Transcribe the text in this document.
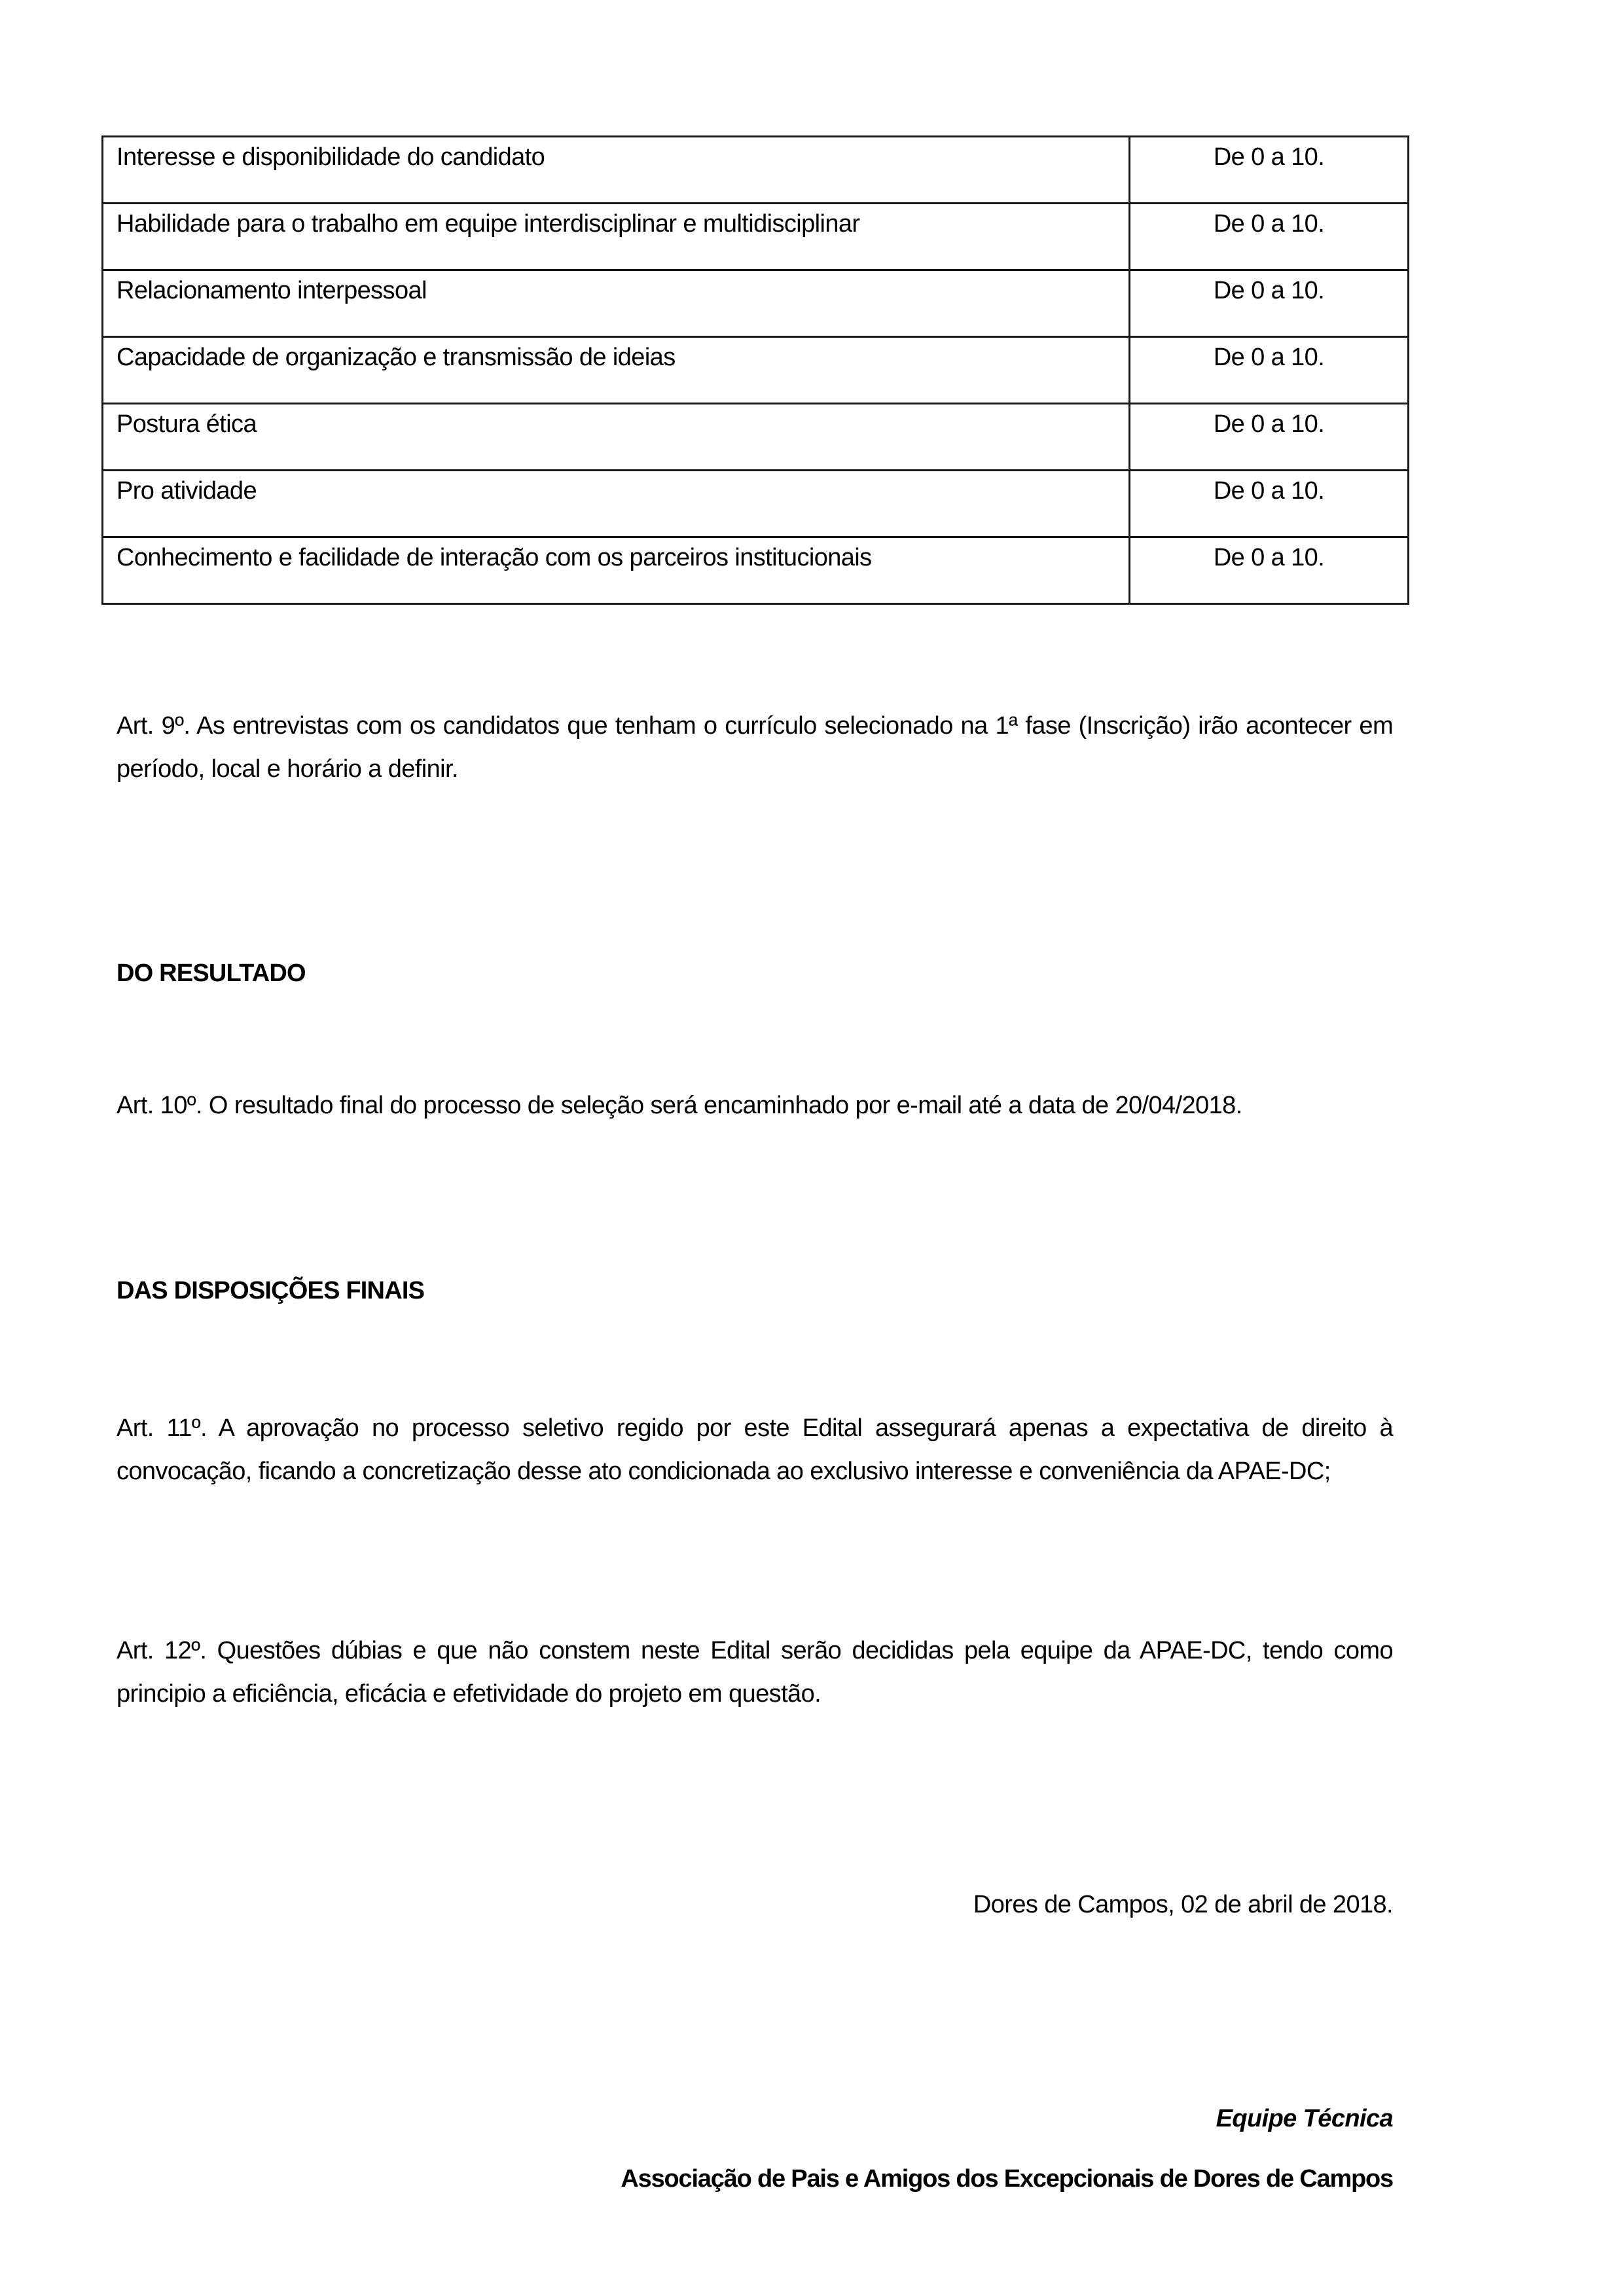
Interesse e disponibilidade do candidato	De 0 a 10.
Habilidade para o trabalho em equipe interdisciplinar e multidisciplinar	De 0 a 10.
Relacionamento interpessoal	De 0 a 10.
Capacidade de organização e transmissão de ideias	De 0 a 10.
Postura ética	De 0 a 10.
Pro atividade	De 0 a 10.
Conhecimento e facilidade de interação com os parceiros institucionais	De 0 a 10.

Art. 9º. As entrevistas com os candidatos que tenham o currículo selecionado na 1ª fase (Inscrição) irão acontecer em período, local e horário a definir.

DO RESULTADO

Art. 10º. O resultado final do processo de seleção será encaminhado por e-mail até a data de 20/04/2018.

DAS DISPOSIÇÕES FINAIS

Art. 11º. A aprovação no processo seletivo regido por este Edital assegurará apenas a expectativa de direito à convocação, ficando a concretização desse ato condicionada ao exclusivo interesse e conveniência da APAE-DC;

Art. 12º. Questões dúbias e que não constem neste Edital serão decididas pela equipe da APAE-DC, tendo como principio a eficiência, eficácia e efetividade do projeto em questão.

Dores de Campos, 02 de abril de 2018.

Equipe Técnica

Associação de Pais e Amigos dos Excepcionais de Dores de Campos
